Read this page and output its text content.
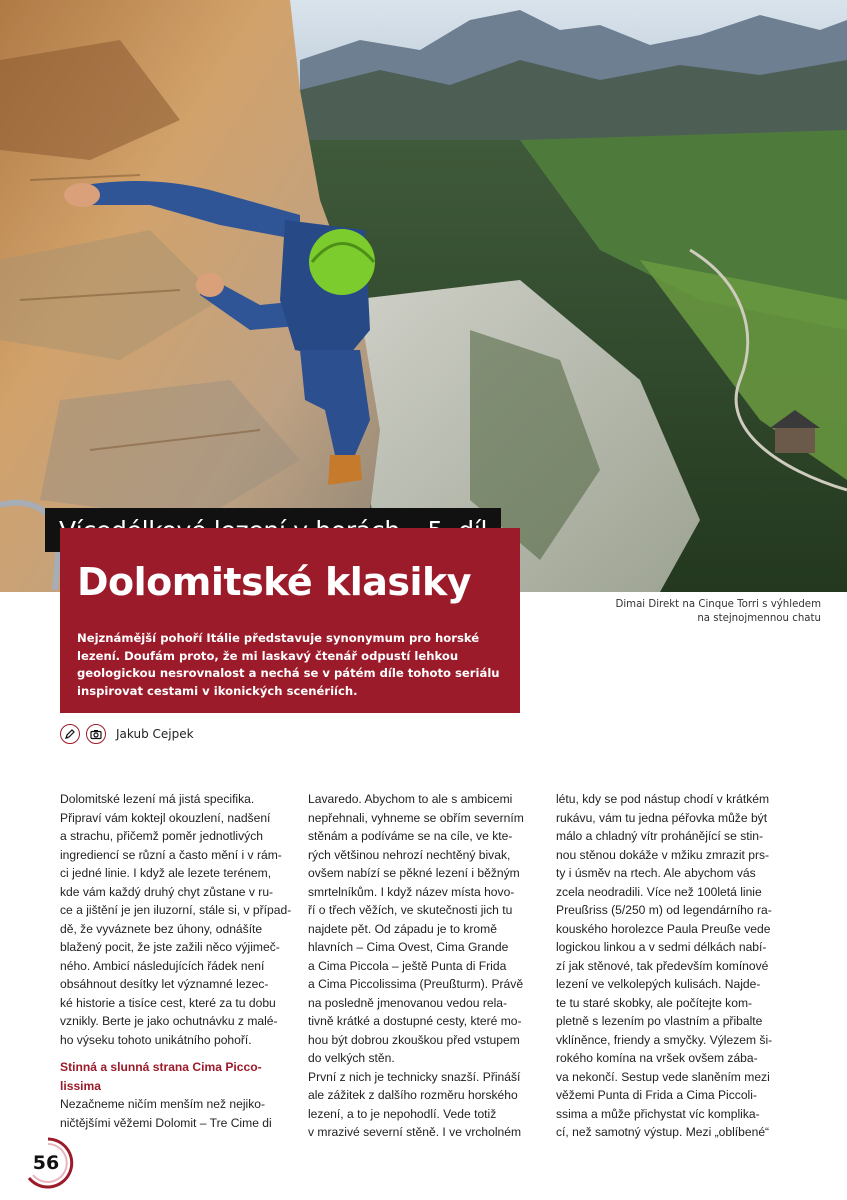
Dolomitské klasiky

Nejznámější pohoří Itálie představuje synonymum pro horské lezení. Doufám proto, že mi laskavý čtenář odpustí lehkou geologickou nesrovnalost a nechá se v pátém díle tohoto seriálu inspirovat cestami v ikonických scenériích.

Dimai Direkt na Cinque Torri s výhledem
na stejnojmennou chatu
Jakub Cejpek
Dolomitské lezení má jistá specifika.
Připraví vám koktejl okouzlení, nadšení
a strachu, přičemž poměr jednotlivých
ingrediencí se různí a často mění i v rám-
ci jedné linie. I když ale lezete terénem,
kde vám každý druhý chyt zůstane v ru-
ce a jištění je jen iluzorní, stále si, v případ-
dě, že vyváznete bez úhony, odnášíte
blažený pocit, že jste zažili něco výjimeč-
ného. Ambicí následujících řádek není
obsáhnout desítky let významné lezec-
ké historie a tisíce cest, které za tu dobu
vznikly. Berte je jako ochutnávku z malé-
ho výseku tohoto unikátního pohoří.
Stinná a slunná strana Cima Picco-
lissima
Nezačneme ničím menším než nejiko-
ničtějšími věžemi Dolomit – Tre Cime di
Lavaredo. Abychom to ale s ambicemi
nepřehnali, vyhneme se obřím severním
stěnám a podíváme se na cíle, ve kte-
rých většinou nehrozí nechtěný bivak,
ovšem nabízí se pěkné lezení i běžným
smrtelníkům. I když název místa hovo-
ří o třech věžích, ve skutečnosti jich tu
najdete pět. Od západu je to kromě
hlavních – Cima Ovest, Cima Grande
a Cima Piccola – ještě Punta di Frida
a Cima Piccolissima (Preußturm). Právě
na posledně jmenovanou vedou rela-
tivně krátké a dostupné cesty, které mo-
hou být dobrou zkouškou před vstupem
do velkých stěn.
První z nich je technicky snazší. Přináší
ale zážitek z dalšího rozměru horského
lezení, a to je nepohodlí. Vede totiž
v mrazivé severní stěně. I ve vrcholném
létu, kdy se pod nástup chodí v krátkém
rukávu, vám tu jedna péřovka může být
málo a chladný vítr prohánějící se stin-
nou stěnou dokáže v mžiku zmrazit prs-
ty i úsměv na rtech. Ale abychom vás
zcela neodradili. Více než 100letá linie
Preußriss (5/250 m) od legendárního ra-
kouského horolezce Paula Preuße vede
logickou linkou a v sedmi délkách nabí-
zí jak stěnové, tak především komínové
lezení ve velkolepých kulisách. Najde-
te tu staré skobky, ale počítejte kom-
pletně s lezením po vlastním a přibalte
vklíněnce, friendy a smyčky. Výlezem ši-
rokého komína na vršek ovšem zába-
va nekončí. Sestup vede slaněním mezi
věžemi Punta di Frida a Cima Piccoli-
ssima a může přichystat víc komplika-
cí, než samotný výstup. Mezi „oblíbené“
56
